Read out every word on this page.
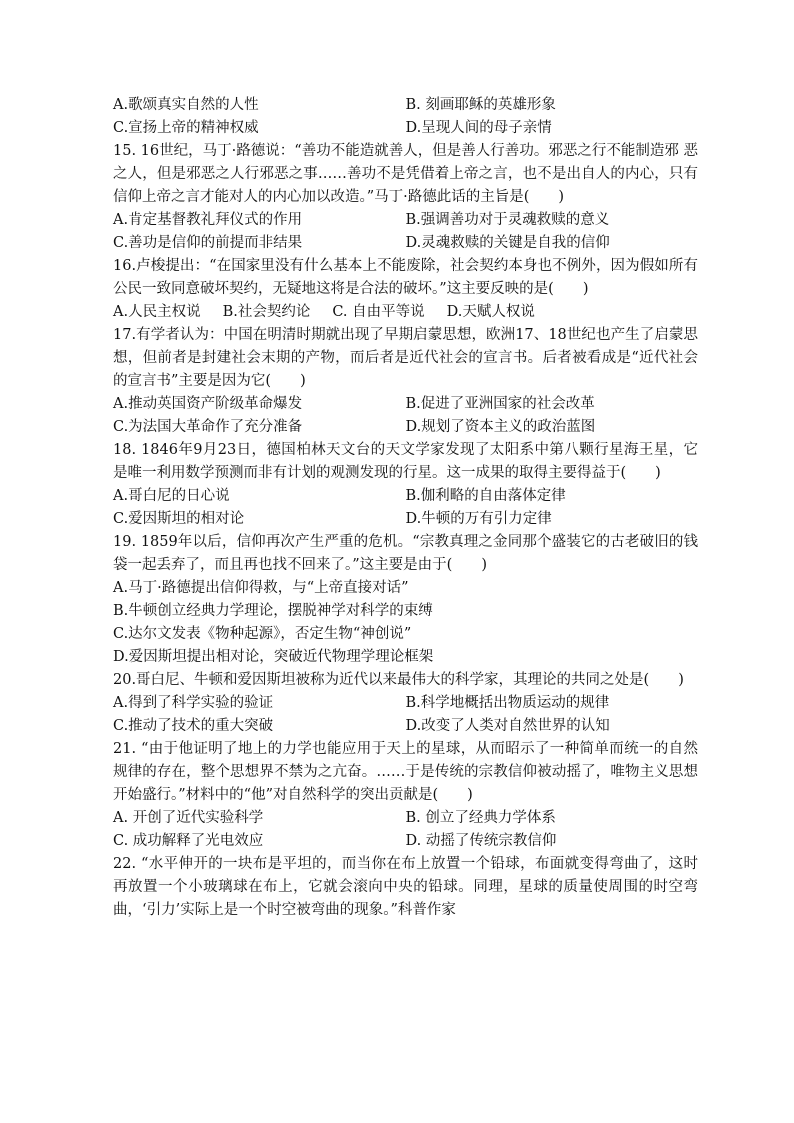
A.歌颂真实自然的人性	B. 刻画耶稣的英雄形象
C.宣扬上帝的精神权威	D.呈现人间的母子亲情
15. 16世纪，马丁·路德说：“善功不能造就善人，但是善人行善功。邪恶之行不能制造邪 恶之人，但是邪恶之人行邪恶之事……善功不是凭借着上帝之言，也不是出自人的内心，只有信仰上帝之言才能对人的内心加以改造。”马丁·路德此话的主旨是(　　)
A.肯定基督教礼拜仪式的作用	B.强调善功对于灵魂救赎的意义
C.善功是信仰的前提而非结果	D.灵魂救赎的关键是自我的信仰
16.卢梭提出：“在国家里没有什么基本上不能废除，社会契约本身也不例外，因为假如所有公民一致同意破坏契约，无疑地这将是合法的破坏。”这主要反映的是(　　)
A.人民主权说 B.社会契约论 C. 自由平等说 D.天赋人权说
17.有学者认为：中国在明清时期就出现了早期启蒙思想，欧洲17、18世纪也产生了启蒙思想，但前者是封建社会末期的产物，而后者是近代社会的宣言书。后者被看成是“近代社会的宣言书”主要是因为它(　　)
A.推动英国资产阶级革命爆发	B.促进了亚洲国家的社会改革
C.为法国大革命作了充分准备	D.规划了资本主义的政治蓝图
18. 1846年9月23日，德国柏林天文台的天文学家发现了太阳系中第八颗行星海王星，它是唯一利用数学预测而非有计划的观测发现的行星。这一成果的取得主要得益于(　　)
A.哥白尼的日心说	B.伽利略的自由落体定律
C.爱因斯坦的相对论	D.牛顿的万有引力定律
19. 1859年以后，信仰再次产生严重的危机。“宗教真理之金同那个盛装它的古老破旧的钱袋一起丢弃了，而且再也找不回来了。”这主要是由于(　　)
A.马丁·路德提出信仰得救，与“上帝直接对话”
B.牛顿创立经典力学理论，摆脱神学对科学的束缚
C.达尔文发表《物种起源》，否定生物“神创说”
D.爱因斯坦提出相对论，突破近代物理学理论框架
20.哥白尼、牛顿和爱因斯坦被称为近代以来最伟大的科学家，其理论的共同之处是(　　)
A.得到了科学实验的验证	B.科学地概括出物质运动的规律
C.推动了技术的重大突破	D.改变了人类对自然世界的认知
21. “由于他证明了地上的力学也能应用于天上的星球，从而昭示了一种简单而统一的自然规律的存在，整个思想界不禁为之亢奋。……于是传统的宗教信仰被动摇了，唯物主义思想开始盛行。”材料中的“他”对自然科学的突出贡献是(　　)
A. 开创了近代实验科学	B. 创立了经典力学体系
C. 成功解释了光电效应	D. 动摇了传统宗教信仰
22. “水平伸开的一块布是平坦的，而当你在布上放置一个铅球，布面就变得弯曲了，这时再放置一个小玻璃球在布上，它就会滚向中央的铅球。同理，星球的质量使周围的时空弯曲，‘引力’实际上是一个时空被弯曲的现象。”科普作家
